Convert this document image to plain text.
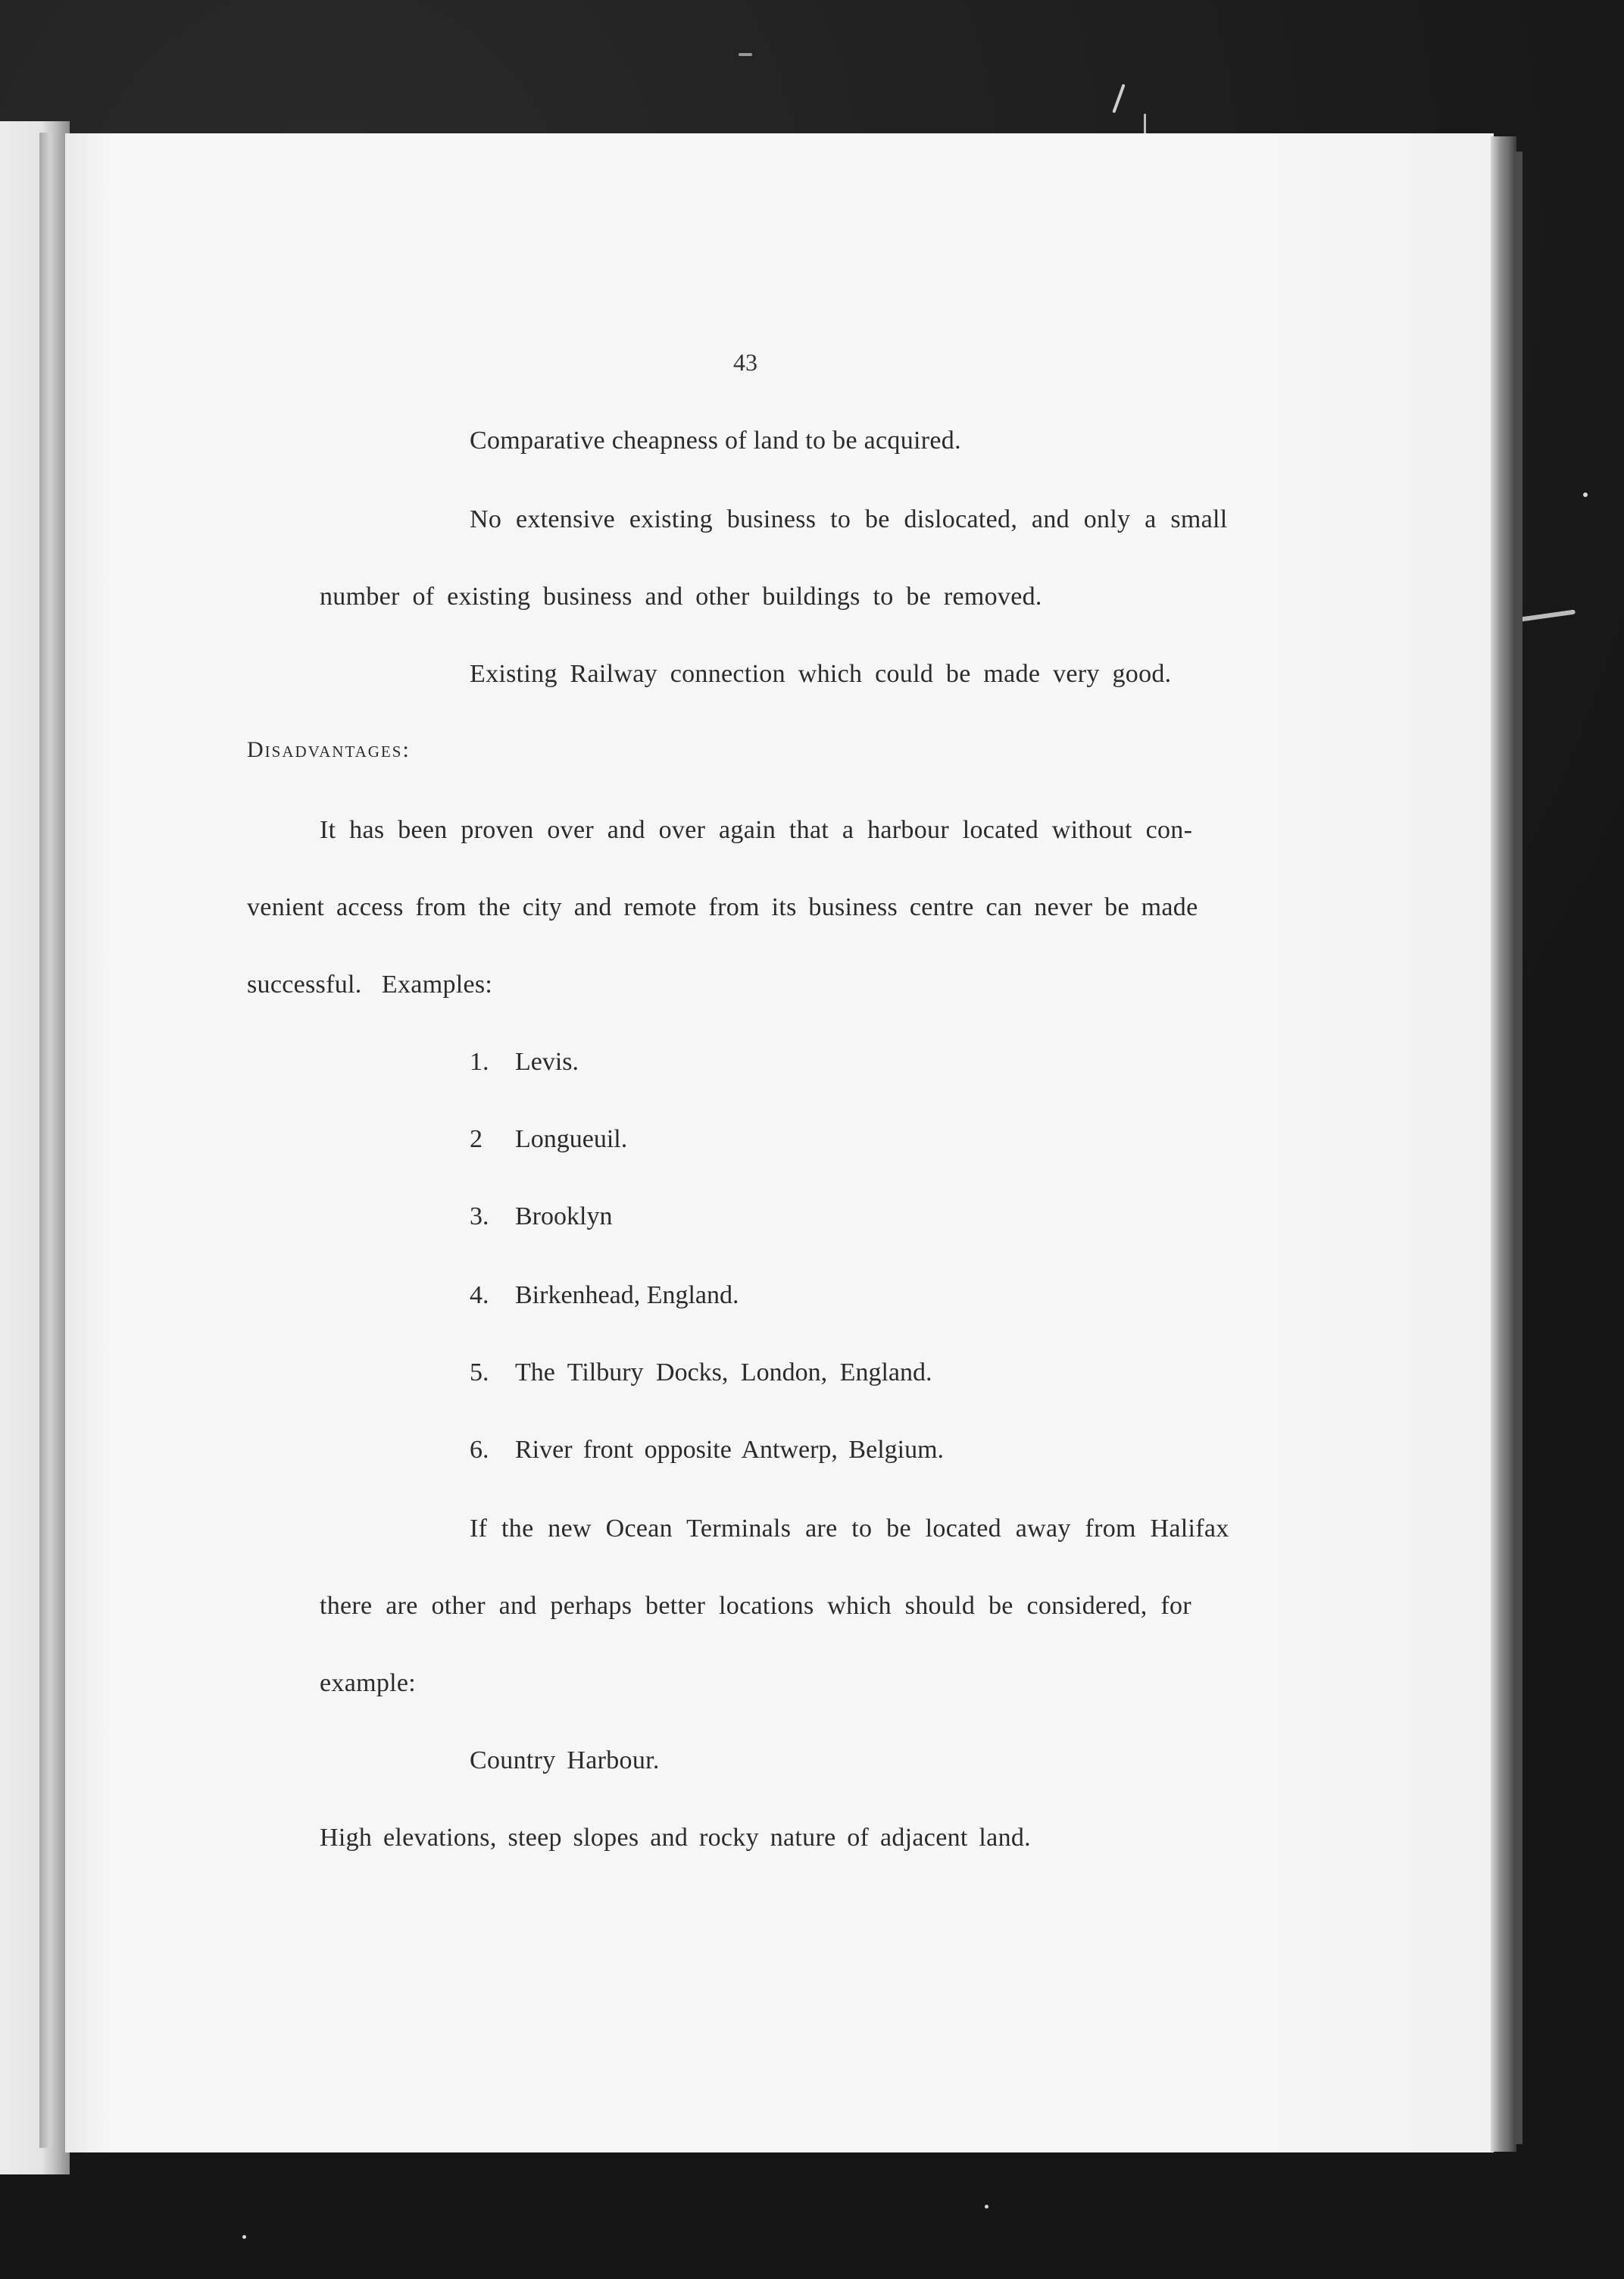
43
Comparative cheapness of land to be acquired.
No extensive existing business to be dislocated, and only a small
number of existing business and other buildings to be removed.
Existing Railway connection which could be made very good.
Disadvantages:
It has been proven over and over again that a harbour located without con-
venient access from the city and remote from its business centre can never be made
successful.   Examples:
1. Levis.
2 Longueuil.
3. Brooklyn
4. Birkenhead, England.
5. The Tilbury Docks, London, England.
6. River front opposite Antwerp, Belgium.
If the new Ocean Terminals are to be located away from Halifax
there are other and perhaps better locations which should be considered, for
example:
Country Harbour.
High elevations, steep slopes and rocky nature of adjacent land.
